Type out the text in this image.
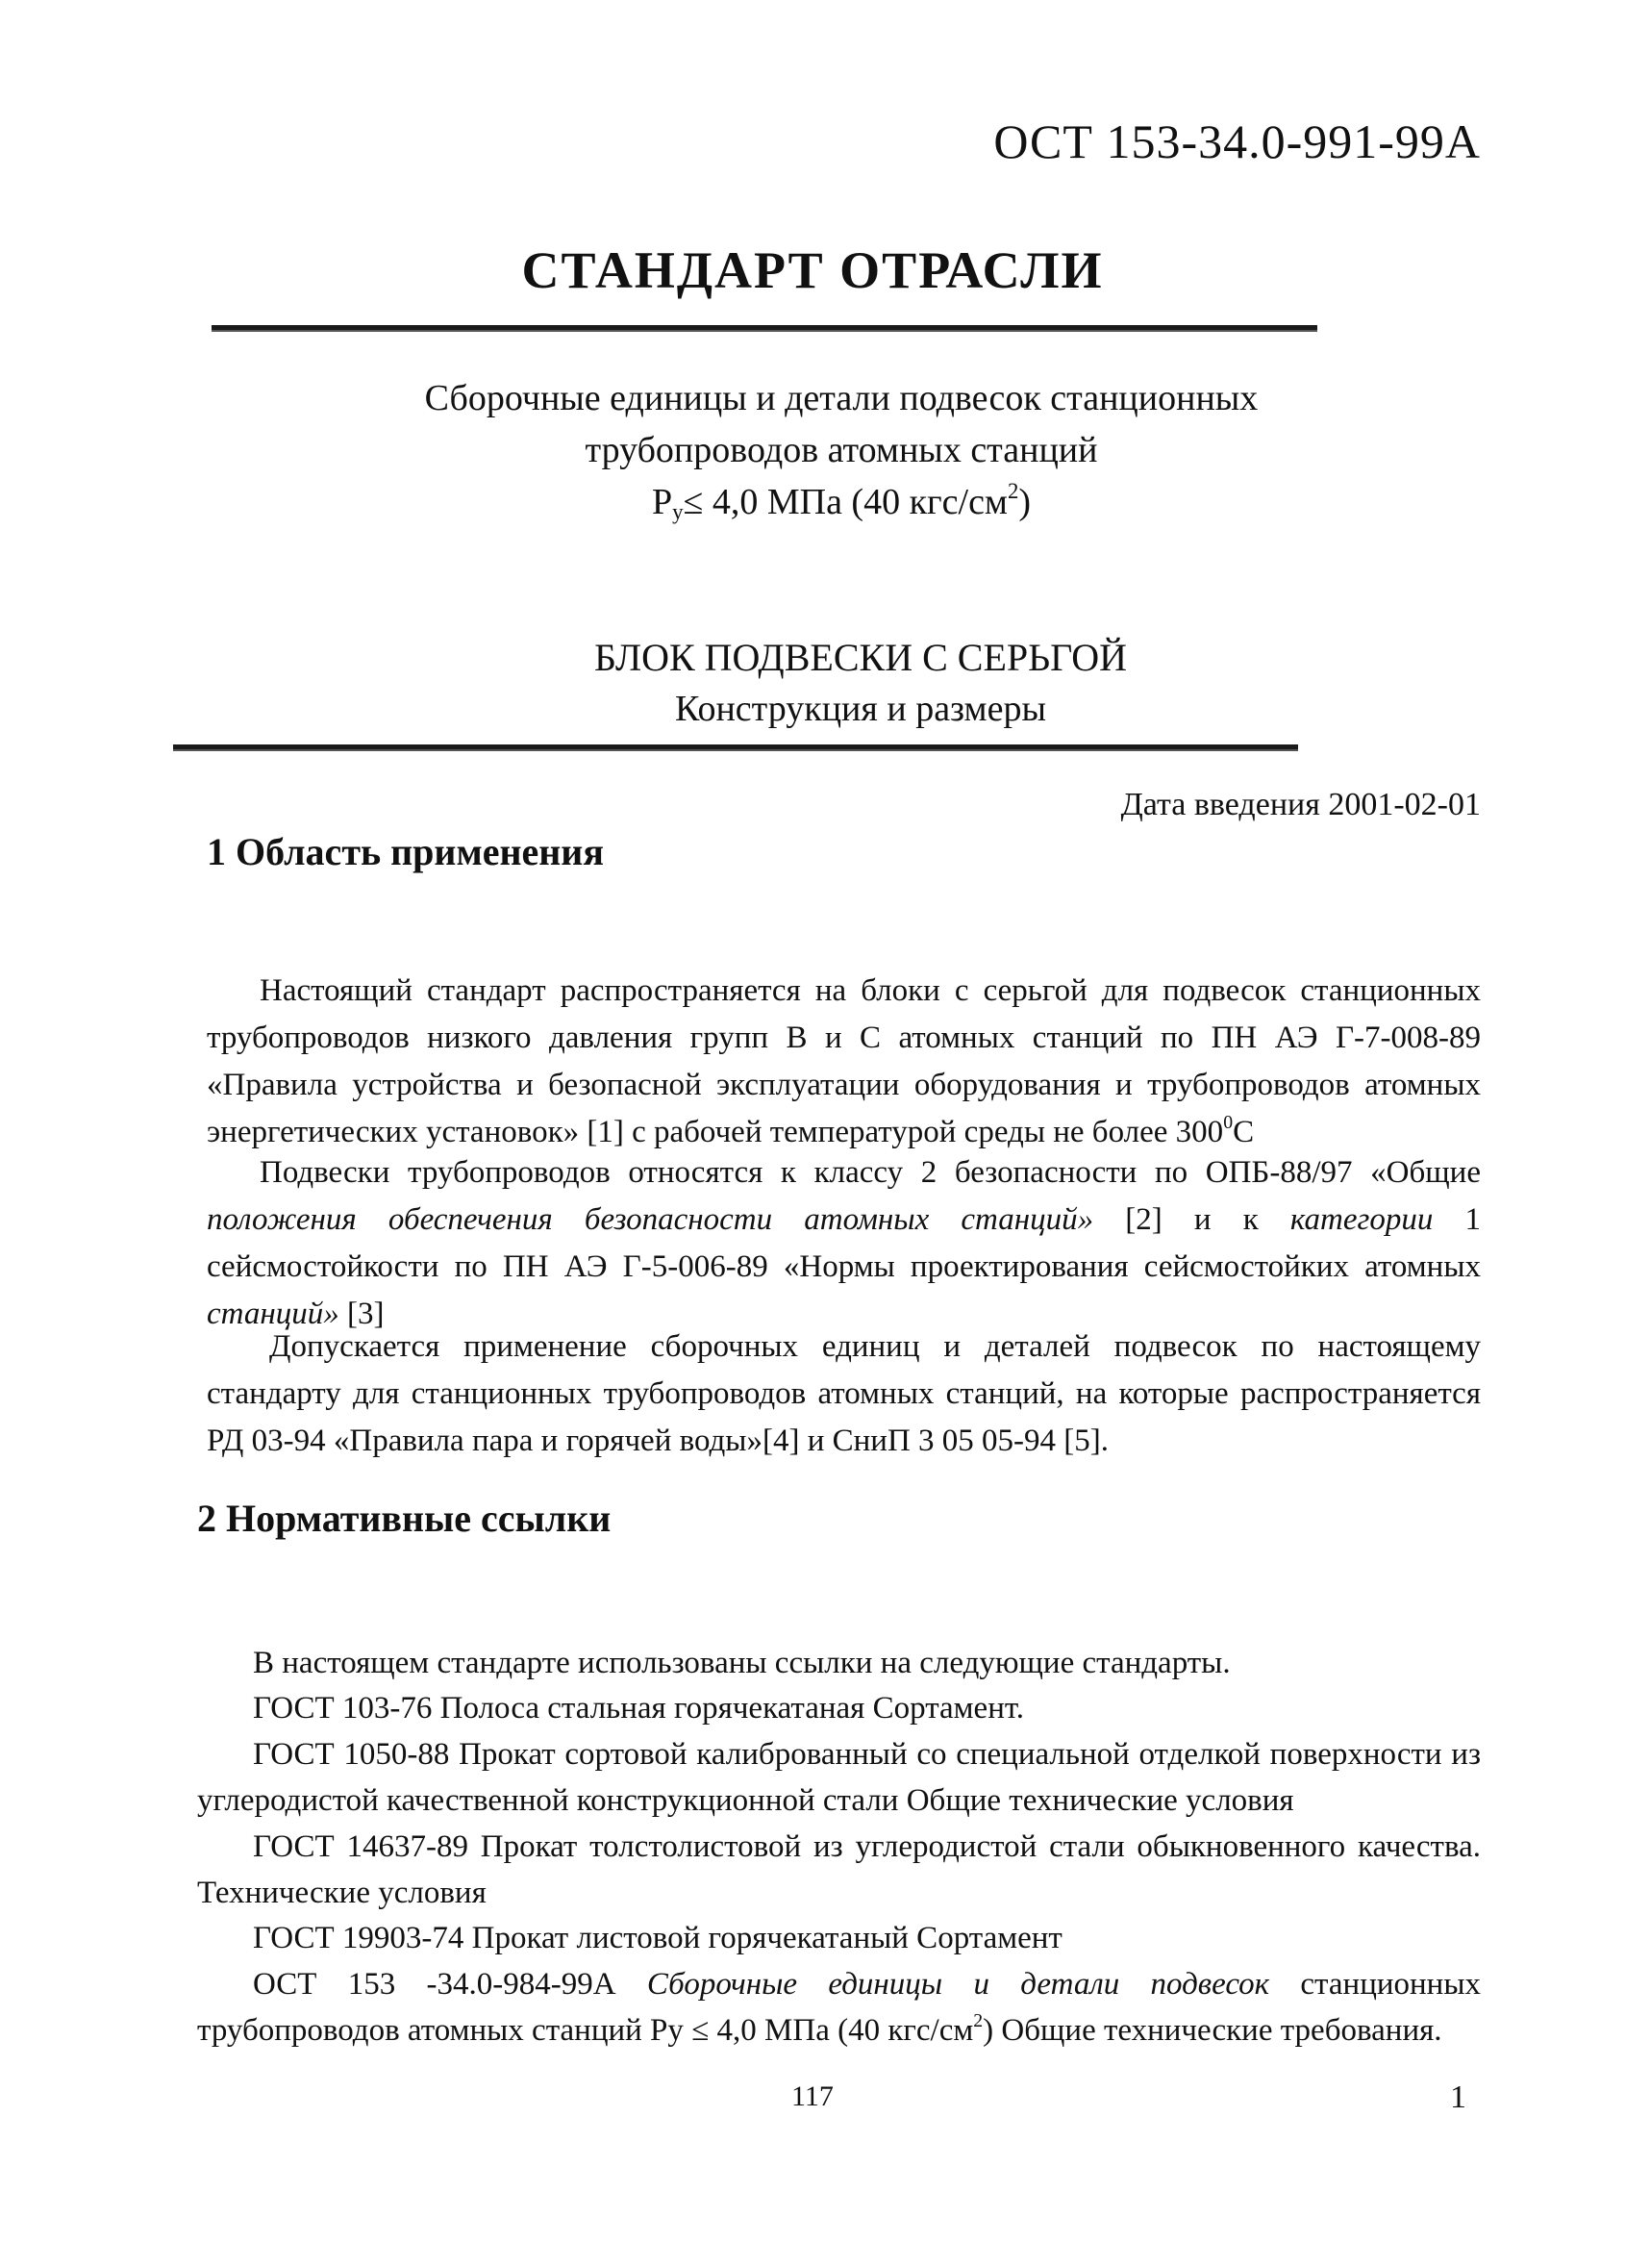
ОСТ 153-34.0-991-99А
СТАНДАРТ ОТРАСЛИ
Сборочные единицы и детали подвесок станционных
трубопроводов атомных станций
$Р_у\le 4,0$ МПа (40 кгс/$см^2$)
БЛОК ПОДВЕСКИ С СЕРЬГОЙ
Конструкция и размеры
Дата введения 2001-02-01
1 Область применения
Настоящий стандарт распространяется на блоки с серьгой для подвесок станционных трубопроводов низкого давления групп В и С атомных станций по ПН АЭ Г-7-008-89 «Правила устройства и безопасной эксплуатации оборудования и трубопроводов атомных энергетических установок» [1] с рабочей температурой среды не более $300^0С$
Подвески трубопроводов относятся к классу 2 безопасности по ОПБ-88/97 «Общие положения обеспечения безопасности атомных станций» [2] и к категории 1 сейсмостойкости по ПН АЭ Г-5-006-89 «Нормы проектирования сейсмостойких атомных станций» [3]
Допускается применение сборочных единиц и деталей подвесок по настоящему стандарту для станционных трубопроводов атомных станций, на которые распространяется РД 03-94 «Правила пара и горячей воды»[4] и СниП 3 05 05-94 [5].
2 Нормативные ссылки
В настоящем стандарте использованы ссылки на следующие стандарты.
ГОСТ 103-76 Полоса стальная горячекатаная Сортамент.
ГОСТ 1050-88 Прокат сортовой калиброванный со специальной отделкой поверхности из углеродистой качественной конструкционной стали Общие технические условия
ГОСТ 14637-89 Прокат толстолистовой из углеродистой стали обыкновенного качества. Технические условия
ГОСТ 19903-74 Прокат листовой горячекатаный Сортамент
ОСТ 153 -34.0-984-99А Сборочные единицы и детали подвесок станционных трубопроводов атомных станций Ру ≤ 4,0 МПа (40 кгс/$см^2$) Общие технические требования.
117	1
